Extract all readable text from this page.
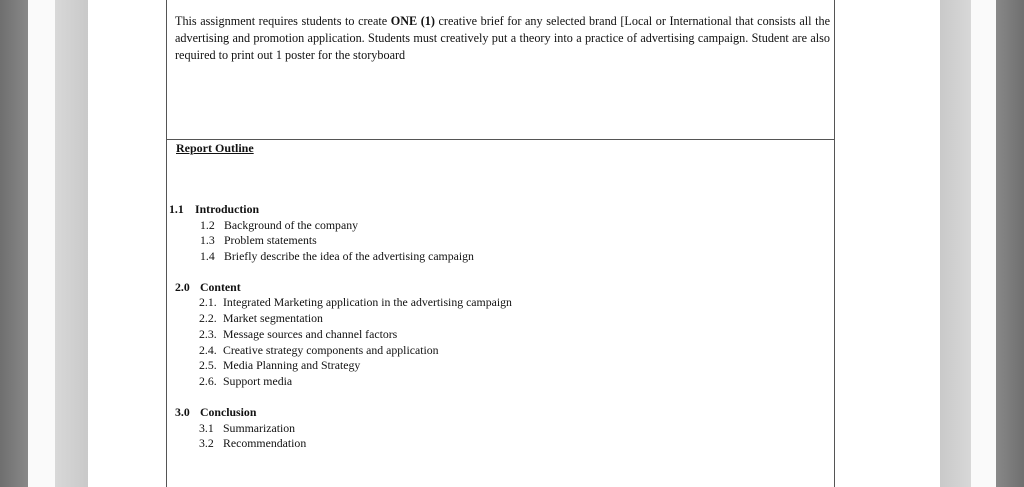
This assignment requires students to create ONE (1) creative brief for any selected brand [Local or International that consists all the advertising and promotion application. Students must creatively put a theory into a practice of advertising campaign. Student are also required to print out 1 poster for the storyboard
Report Outline
1.1 Introduction
1.2 Background of the company
1.3 Problem statements
1.4 Briefly describe the idea of the advertising campaign
2.0 Content
2.1. Integrated Marketing application in the advertising campaign
2.2. Market segmentation
2.3. Message sources and channel factors
2.4. Creative strategy components and application
2.5. Media Planning and Strategy
2.6. Support media
3.0 Conclusion
3.1 Summarization
3.2 Recommendation
